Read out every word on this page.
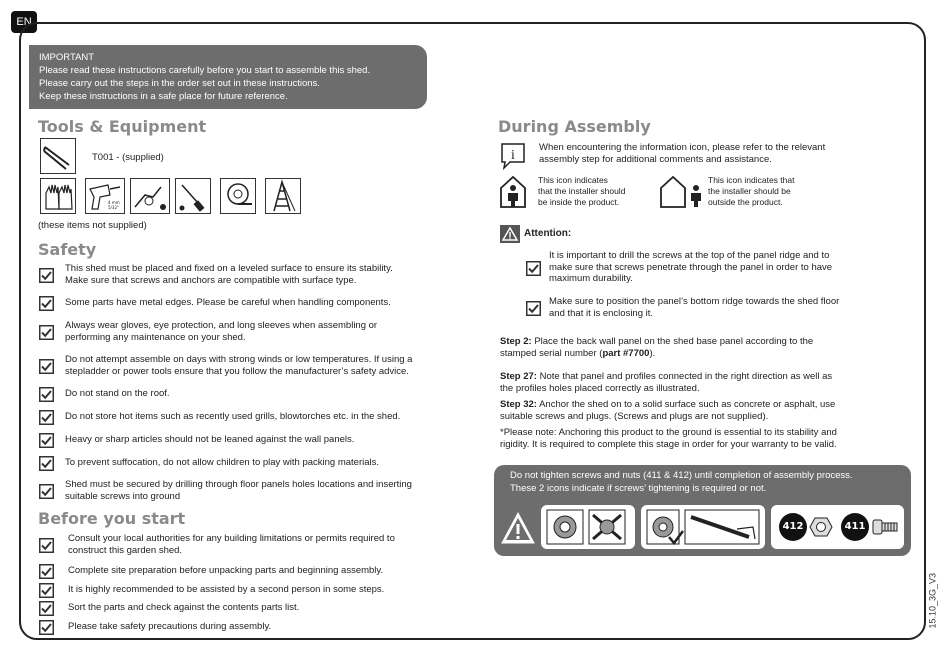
EN
IMPORTANT
Please read these instructions carefully before you start to assemble this shed.
Please carry out the steps in the order set out in these instructions.
Keep these instructions in a safe place for future reference.
Tools & Equipment
T001 - (supplied)
4 mm
5/32"
(these items not supplied)
Safety
This shed must be placed and fixed on a leveled surface to ensure its stability.
Make sure that screws and anchors are compatible with surface type.
Some parts have metal edges. Please be careful when handling components.
Always wear gloves, eye protection, and long sleeves when assembling or
performing any maintenance on your shed.
Do not attempt assemble on days with strong winds or low temperatures. If using a
stepladder or power tools ensure that you follow the manufacturer’s safety advice.
Do not stand on the roof.
Do not store hot items such as recently used grills, blowtorches etc. in the shed.
Heavy or sharp articles should not be leaned against the wall panels.
To prevent suffocation, do not allow children to play with packing materials.
Shed must be secured by drilling through floor panels holes locations and inserting
suitable screws into ground
Before you start
Consult your local authorities for any building limitations or permits required to
construct this garden shed.
Complete site preparation before unpacking parts and beginning assembly.
It is highly recommended to be assisted by a second person in some steps.
Sort the parts and check against the contents parts list.
Please take safety precautions during assembly.
During Assembly
i
When encountering the information icon, please refer to the relevant
assembly step for additional comments and assistance.
This icon indicates
that the installer should
be inside the product.
This icon indicates that
the installer should be
outside the product.
Attention:
It is important to drill the screws at the top of the panel ridge and to
make sure that screws penetrate through the panel in order to have
maximum durability.
Make sure to position the panel’s bottom ridge towards the shed floor
and that it is enclosing it.
Step 2: Place the back wall panel on the shed base panel according to the
stamped serial number (part #7700).
Step 27: Note that panel and profiles connected in the right direction as well as
the profiles holes placed correctly as illustrated.
Step 32: Anchor the shed on to a solid surface such as concrete or asphalt, use
suitable screws and plugs. (Screws and plugs are not supplied).
*Please note: Anchoring this product to the ground is essential to its stability and
rigidity. It is required to complete this stage in order for your warranty to be valid.
Do not tighten screws and nuts (411 & 412) until completion of assembly process.
These 2 icons indicate if screws’ tightening is required or not.
412	411
15.10_3G_V3
